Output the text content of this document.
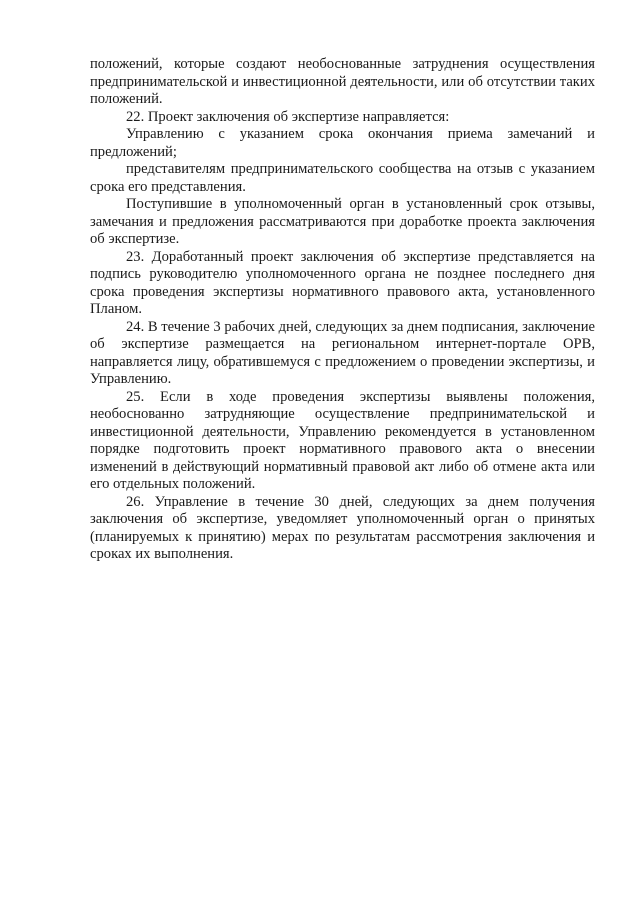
положений, которые создают необоснованные затруднения осуществления предпринимательской и инвестиционной деятельности, или об отсутствии таких положений.

22. Проект заключения об экспертизе направляется:

Управлению с указанием срока окончания приема замечаний и предложений;

представителям предпринимательского сообщества на отзыв с указанием срока его представления.

Поступившие в уполномоченный орган в установленный срок отзывы, замечания и предложения рассматриваются при доработке проекта заключения об экспертизе.

23. Доработанный проект заключения об экспертизе представляется на подпись руководителю уполномоченного органа не позднее последнего дня срока проведения экспертизы нормативного правового акта, установленного Планом.

24. В течение 3 рабочих дней, следующих за днем подписания, заключение об экспертизе размещается на региональном интернет-портале ОРВ, направляется лицу, обратившемуся с предложением о проведении экспертизы, и Управлению.

25. Если в ходе проведения экспертизы выявлены положения, необоснованно затрудняющие осуществление предпринимательской и инвестиционной деятельности, Управлению рекомендуется в установленном порядке подготовить проект нормативного правового акта о внесении изменений в действующий нормативный правовой акт либо об отмене акта или его отдельных положений.

26. Управление в течение 30 дней, следующих за днем получения заключения об экспертизе, уведомляет уполномоченный орган о принятых (планируемых к принятию) мерах по результатам рассмотрения заключения и сроках их выполнения.
